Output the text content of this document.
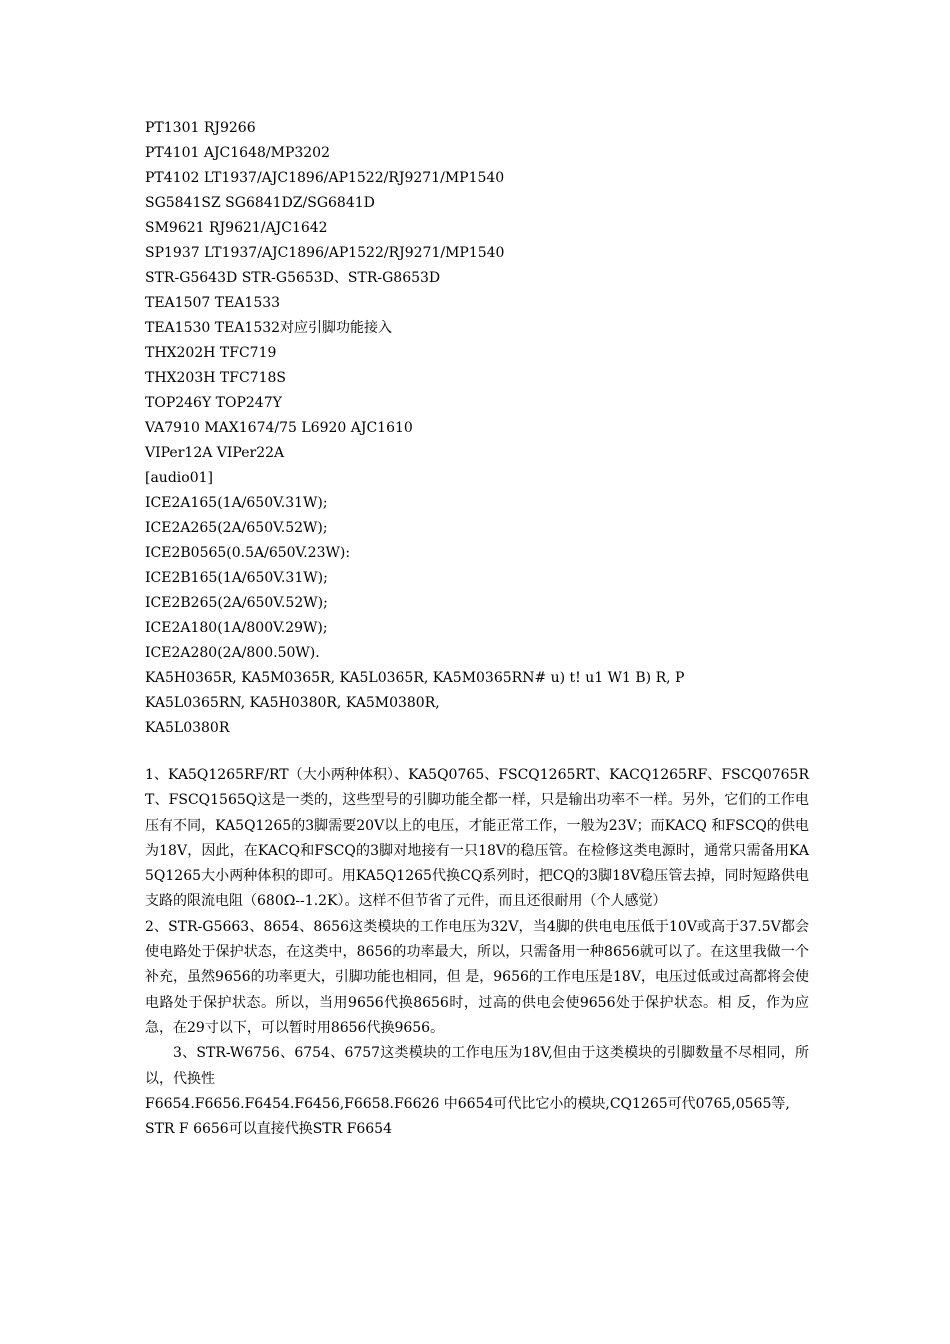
PT1301 RJ9266
PT4101 AJC1648/MP3202
PT4102 LT1937/AJC1896/AP1522/RJ9271/MP1540
SG5841SZ SG6841DZ/SG6841D
SM9621 RJ9621/AJC1642
SP1937 LT1937/AJC1896/AP1522/RJ9271/MP1540
STR-G5643D STR-G5653D、STR-G8653D
TEA1507 TEA1533
TEA1530 TEA1532对应引脚功能接入
THX202H TFC719
THX203H TFC718S
TOP246Y TOP247Y
VA7910 MAX1674/75 L6920 AJC1610
VIPer12A VIPer22A
[audio01]
ICE2A165(1A/650V.31W);
ICE2A265(2A/650V.52W);
ICE2B0565(0.5A/650V.23W):
ICE2B165(1A/650V.31W);
ICE2B265(2A/650V.52W);
ICE2A180(1A/800V.29W);
ICE2A280(2A/800.50W).
KA5H0365R, KA5M0365R, KA5L0365R, KA5M0365RN# u) t! u1 W1 B) R, P
KA5L0365RN, KA5H0380R, KA5M0380R,
KA5L0380R

1、KA5Q1265RF/RT（大小两种体积）、KA5Q0765、FSCQ1265RT、KACQ1265RF、FSCQ0765RT、FSCQ1565Q这是一类的，这些型号的引脚功能全都一样，只是输出功率不一样。另外，它们的工作电压有不同，KA5Q1265的3脚需要20V以上的电压，才能正常工作，一般为23V；而KACQ 和FSCQ的供电为18V，因此，在KACQ和FSCQ的3脚对地接有一只18V的稳压管。在检修这类电源时，通常只需备用KA5Q1265大小两种体积的即可。用KA5Q1265代换CQ系列时，把CQ的3脚18V稳压管去掉，同时短路供电支路的限流电阻（680Ω--1.2K）。这样不但节省了元件，而且还很耐用（个人感觉）

2、STR-G5663、8654、8656这类模块的工作电压为32V，当4脚的供电电压低于10V或高于37.5V都会使电路处于保护状态，在这类中，8656的功率最大，所以，只需备用一种8656就可以了。在这里我做一个补充，虽然9656的功率更大，引脚功能也相同，但 是，9656的工作电压是18V，电压过低或过高都将会使电路处于保护状态。所以，当用9656代换8656时，过高的供电会使9656处于保护状态。相 反，作为应急，在29寸以下，可以暂时用8656代换9656。

3、STR-W6756、6754、6757这类模块的工作电压为18V,但由于这类模块的引脚数量不尽相同，所以，代换性

F6654.F6656.F6454.F6456,F6658.F6626 中6654可代比它小的模块,CQ1265可代0765,0565等,

STR F 6656可以直接代换STR F6654
